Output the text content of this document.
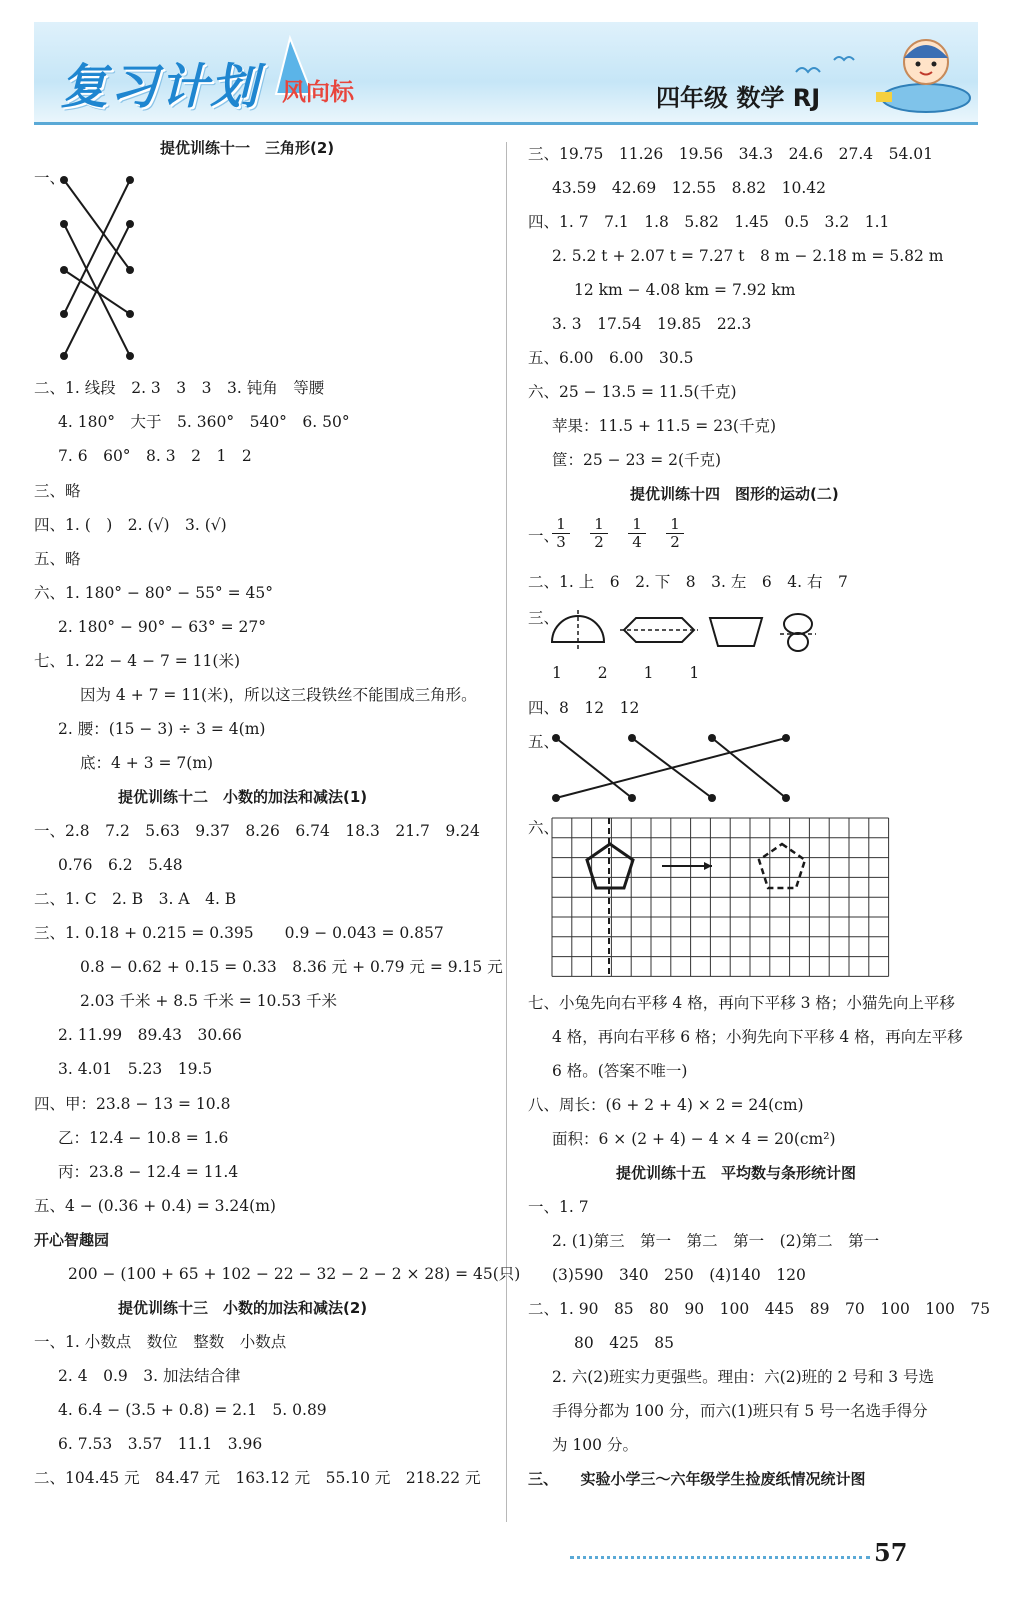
复习计划 风向标	四年级 数学 RJ
提优训练十一　三角形(2)
一、
二、1. 线段　2. 3　3　3　3. 钝角　等腰
4. 180°　大于　5. 360°　540°　6. 50°
7. 6　60°　8. 3　2　1　2
三、略
四、1. (　)　2. (√)　3. (√)
五、略
六、1. 180° − 80° − 55° = 45°
2. 180° − 90° − 63° = 27°
七、1. 22 − 4 − 7 = 11(米)
因为 4 + 7 = 11(米)，所以这三段铁丝不能围成三角形。
2. 腰：(15 − 3) ÷ 3 = 4(m)
底：4 + 3 = 7(m)
提优训练十二　小数的加法和减法(1)
一、2.8　7.2　5.63　9.37　8.26　6.74　18.3　21.7　9.24
0.76　6.2　5.48
二、1. C　2. B　3. A　4. B
三、1. 0.18 + 0.215 = 0.395　　0.9 − 0.043 = 0.857
0.8 − 0.62 + 0.15 = 0.33　8.36 元 + 0.79 元 = 9.15 元
2.03 千米 + 8.5 千米 = 10.53 千米
2. 11.99　89.43　30.66
3. 4.01　5.23　19.5
四、甲：23.8 − 13 = 10.8
乙：12.4 − 10.8 = 1.6
丙：23.8 − 12.4 = 11.4
五、4 − (0.36 + 0.4) = 3.24(m)
开心智趣园
200 − (100 + 65 + 102 − 22 − 32 − 2 − 2 × 28) = 45(只)
提优训练十三　小数的加法和减法(2)
一、1. 小数点　数位　整数　小数点
2. 4　0.9　3. 加法结合律
4. 6.4 − (3.5 + 0.8) = 2.1　5. 0.89
6. 7.53　3.57　11.1　3.96
二、104.45 元　84.47 元　163.12 元　55.10 元　218.22 元
$\frac{1}{3} \frac{1}{2} \frac{1}{4} \frac{1}{2}$
三、19.75　11.26　19.56　34.3　24.6　27.4　54.01
43.59　42.69　12.55　8.82　10.42
四、1. 7　7.1　1.8　5.82　1.45　0.5　3.2　1.1
2. 5.2 t + 2.07 t = 7.27 t　8 m − 2.18 m = 5.82 m
12 km − 4.08 km = 7.92 km
3. 3　17.54　19.85　22.3
五、6.00　6.00　30.5
六、25 − 13.5 = 11.5(千克)
苹果：11.5 + 11.5 = 23(千克)
筐：25 − 23 = 2(千克)
提优训练十四　图形的运动(二)
一、
二、1. 上　6　2. 下　8　3. 左　6　4. 右　7
三、
1　　 2　　 1　　 1
四、8　12　12
五、
六、
七、小兔先向右平移 4 格，再向下平移 3 格；小猫先向上平移
4 格，再向右平移 6 格；小狗先向下平移 4 格，再向左平移
6 格。(答案不唯一)
八、周长：(6 + 2 + 4) × 2 = 24(cm)
面积：6 × (2 + 4) − 4 × 4 = 20(cm²)
提优训练十五　平均数与条形统计图
一、1. 7
2. (1)第三　第一　第二　第一　(2)第二　第一
(3)590　340　250　(4)140　120
二、1. 90　85　80　90　100　445　89　70　100　100　75
80　425　85
2. 六(2)班实力更强些。理由：六(2)班的 2 号和 3 号选
手得分都为 100 分，而六(1)班只有 5 号一名选手得分
为 100 分。
三、　　实验小学三～六年级学生捡废纸情况统计图
57
